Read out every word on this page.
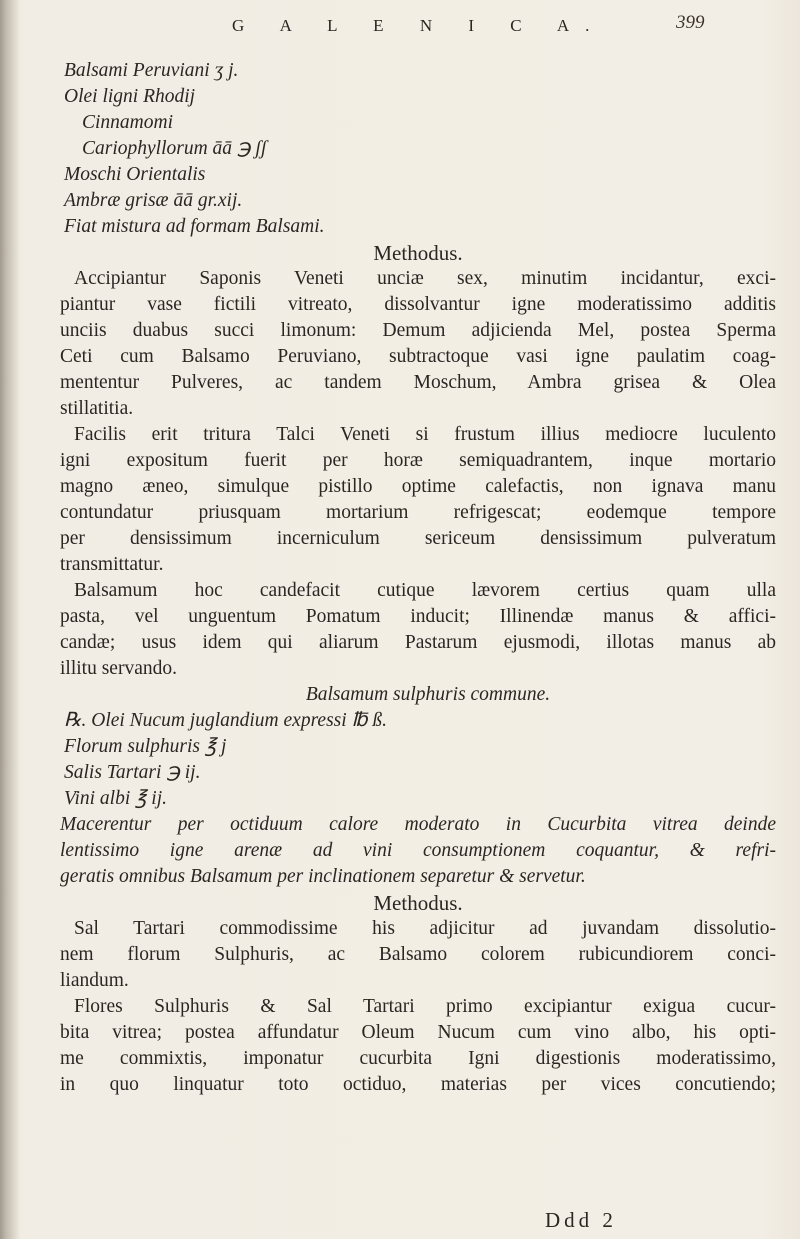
G A L E N I C A.	399
Balsami Peruviani ʒ j.
Olei ligni Rhodij
Cinnamomi
Cariophyllorum āā ℈ ʃʃ
Moschi Orientalis
Ambræ grisæ āā gr.xij.
Fiat mistura ad formam Balsami.
Methodus.
Accipiantur Saponis Veneti unciæ sex, minutim incidantur, exci-
piantur vase fictili vitreato, dissolvantur igne moderatissimo additis
unciis duabus succi limonum: Demum adjicienda Mel, postea Sperma
Ceti cum Balsamo Peruviano, subtractoque vasi igne paulatim coag-
mententur Pulveres, ac tandem Moschum, Ambra grisea & Olea
stillatitia.
Facilis erit tritura Talci Veneti si frustum illius mediocre luculento
igni expositum fuerit per horæ semiquadrantem, inque mortario
magno æneo, simulque pistillo optime calefactis, non ignava manu
contundatur priusquam mortarium refrigescat; eodemque tempore
per densissimum incerniculum sericeum densissimum pulveratum
transmittatur.
Balsamum hoc candefacit cutique lævorem certius quam ulla
pasta, vel unguentum Pomatum inducit; Illinendæ manus & affici-
candæ; usus idem qui aliarum Pastarum ejusmodi, illotas manus ab
illitu servando.
Balsamum sulphuris commune.
℞. Olei Nucum juglandium expressi ℔ ß.
Florum sulphuris ℥ j
Salis Tartari ℈ ij.
Vini albi ℥ ij.
Macerentur per octiduum calore moderato in Cucurbita vitrea deinde
lentissimo igne arenæ ad vini consumptionem coquantur, & refri-
geratis omnibus Balsamum per inclinationem separetur & servetur.
Methodus.
Sal Tartari commodissime his adjicitur ad juvandam dissolutio-
nem florum Sulphuris, ac Balsamo colorem rubicundiorem conci-
liandum.
Flores Sulphuris & Sal Tartari primo excipiantur exigua cucur-
bita vitrea; postea affundatur Oleum Nucum cum vino albo, his opti-
me commixtis, imponatur cucurbita Igni digestionis moderatissimo,
in quo linquatur toto octiduo, materias per vices concutiendo;
Ddd 2
